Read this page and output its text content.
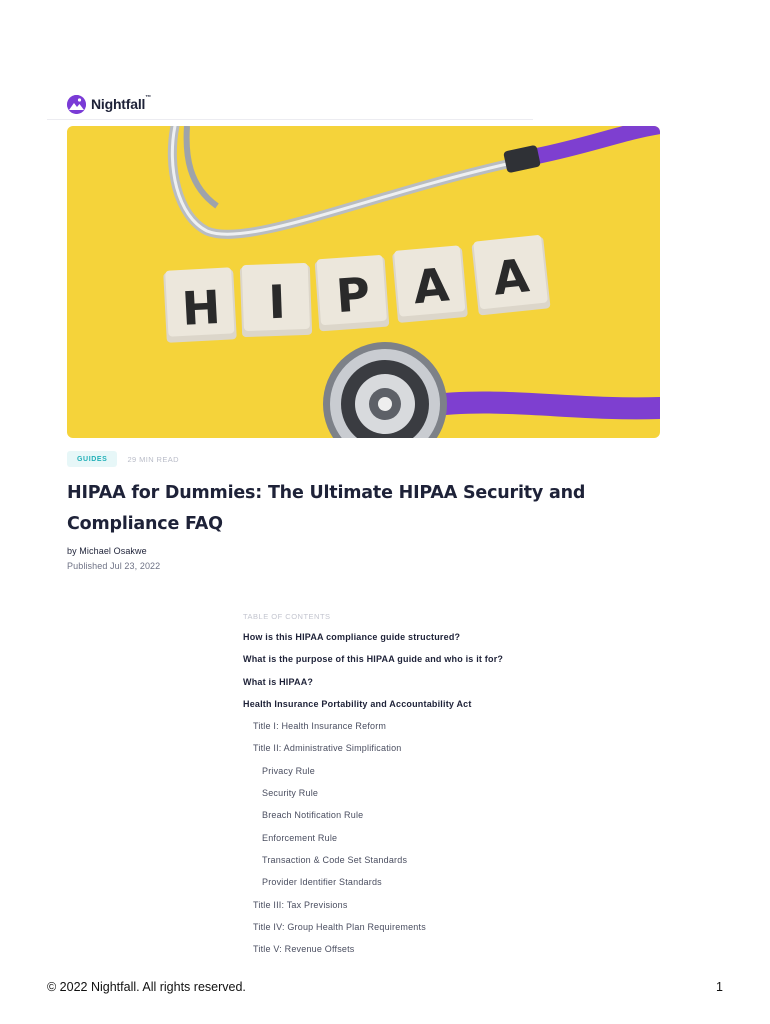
Nightfall™
H I P A A
GUIDES	29 MIN READ
HIPAA for Dummies: The Ultimate HIPAA Security and
Compliance FAQ
by Michael Osakwe
Published Jul 23, 2022
TABLE OF CONTENTS
How is this HIPAA compliance guide structured?
What is the purpose of this HIPAA guide and who is it for?
What is HIPAA?
Health Insurance Portability and Accountability Act
Title I: Health Insurance Reform
Title II: Administrative Simplification
Privacy Rule
Security Rule
Breach Notification Rule
Enforcement Rule
Transaction & Code Set Standards
Provider Identifier Standards
Title III: Tax Previsions
Title IV: Group Health Plan Requirements
Title V: Revenue Offsets
© 2022 Nightfall. All rights reserved.	1
